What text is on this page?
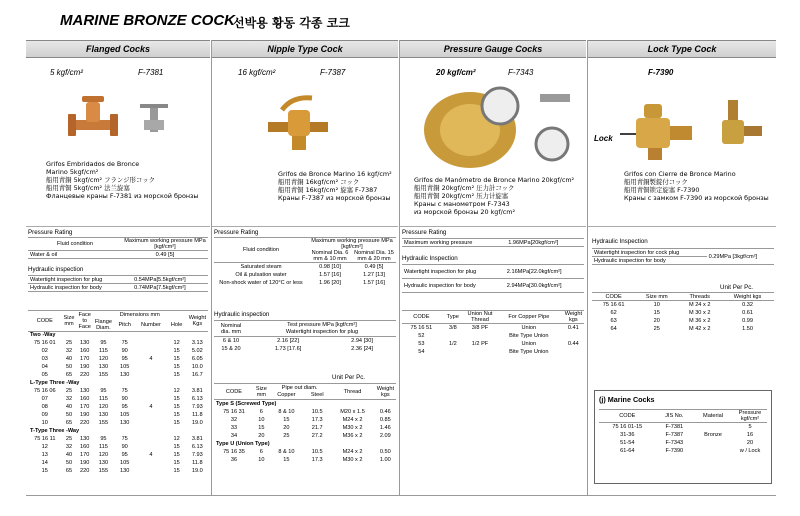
MARINE BRONZE COCK
선박용 황동 각종 코크
Flanged Cocks
5 kgf/cm²	F-7381
Grifos Embridados de Bronce
Marino 5kgf/cm²
船用青銅 5kgf/cm² フランジ形コック
船用青铜 5kgf/cm² 法兰旋塞
Фланцевые краны F-7381 из морской бронзы
Pressure Rating
Fluid condition	Maximum working pressure MPa [kgf/cm²]
Water & oil	0.49 [5]
Hydraulic inspection
Watertight inspection for plug	0.54MPa[5.5kgf/cm²]
Hydraulic inspection for body	0.74MPa[7.5kgf/cm²]
CODE	Size mm	Face to Face	Dimensions mm				Weight Kgs
			Flange Diam.	Pitch	Number	Hole	
Two -Way							
75 16 01	25	130	95	75		12	3.13
02	32	160	115	90		15	5.02
03	40	170	120	95	4	15	6.05
04	50	190	130	105		15	10.0
05	65	220	155	130		15	16.7
L-Type Three -Way							
75 16 06	25	130	95	75		12	3.81
07	32	160	115	90		15	6.13
08	40	170	120	95	4	15	7.93
09	50	190	130	105		15	11.8
10	65	220	155	130		15	19.0
T-Type Three -Way							
75 16 11	25	130	95	75		12	3.81
12	32	160	115	90		15	6.13
13	40	170	120	95	4	15	7.93
14	50	190	130	105		15	11.8
15	65	220	155	130		15	19.0
Nipple Type Cock
16 kgf/cm²	F-7387
Grifos de Bronce Marino 16 kgf/cm²
船用青銅 16kgf/cm² コック
船用青铜 16kgf/cm² 旋塞 F-7387
Краны F-7387 из морской бронзы
Pressure Rating
Fluid condition	Maximum working pressure MPa [kgf/cm²]	
	Nominal Dia. 6 mm & 10 mm	Nominal Dia. 15 mm & 20 mm
Saturated steam	0.98 [10]	0.49 [5]
Oil & pulsation water	1.57 [16]	1.27 [13]
Non-shock water of 120°C or less	1.96 [20]	1.57 [16]
Hydraulic inspection
Nominal dia. mm	Test pressure MPa [kgf/cm²]	
	Watertight inspection for plug	
6 & 10	2.16 [22]	2.94 [30]
15 & 20	1.73 [17.6]	2.36 [24]
Unit Per Pc.
CODE	Size mm	Pipe out diam.		Thread	Weight kgs
		Copper	Steel		
Type S (Screwed Type)					
75 16 31	6	8 & 10	10.5	M20 x 1.5	0.46
32	10	15	17.3	M24 x 2	0.85
33	15	20	21.7	M30 x 2	1.46
34	20	25	27.2	M36 x 2	2.09
Type U (Union Type)					
75 16 35	6	8 & 10	10.5	M24 x 2	0.50
36	10	15	17.3	M30 x 2	1.00
Pressure Gauge Cocks
20 kgf/cm²	F-7343
Grifos de Manómetro de Bronce Marino 20kgf/cm²
船用青銅 20kgf/cm² 圧力計コック
船用青铜 20kgf/cm² 压力计旋塞
Краны с манометром F-7343
из морской бронзы 20 kgf/cm²
Pressure Rating
Maximum working pressure	1.96MPa[20kgf/cm²]
Hydraulic Inspection
Watertight inspection for plug	2.16MPa[22.0kgf/cm²]
Hydraulic inspection for body	2.94MPa[30.0kgf/cm²]
CODE	Type	Union Nut Thread	For Copper Pipe	Weight kgs
75 16 51	3/8	3/8 PF	Union	0.41
52			Bite Type Union	
53	1/2	1/2 PF	Union	0.44
54			Bite Type Union	
Lock Type Cock
F-7390
Lock
Grifos con Cierre de Bronce Marino
船用青銅製錠付コック
船用青铜锁定旋塞 F-7390
Краны с замком F-7390 из морской бронзы
Hydraulic Inspection
Watertight inspection for cock plug	0.29MPa [3kgf/cm²]
Hydraulic inspection for body
Unit Per Pc.
CODE	Size mm	Threads	Weight kgs
75 16 61	10	M 24 x 2	0.32
62	15	M 30 x 2	0.61
63	20	M 36 x 2	0.99
64	25	M 42 x 2	1.50
(j) Marine Cocks
CODE	JIS No.	Material	Pressure kgf/cm²
75 16 01-15	F-7381		5
31-36	F-7387	Bronze	16
51-54	F-7343		20
61-64	F-7390		w / Lock
